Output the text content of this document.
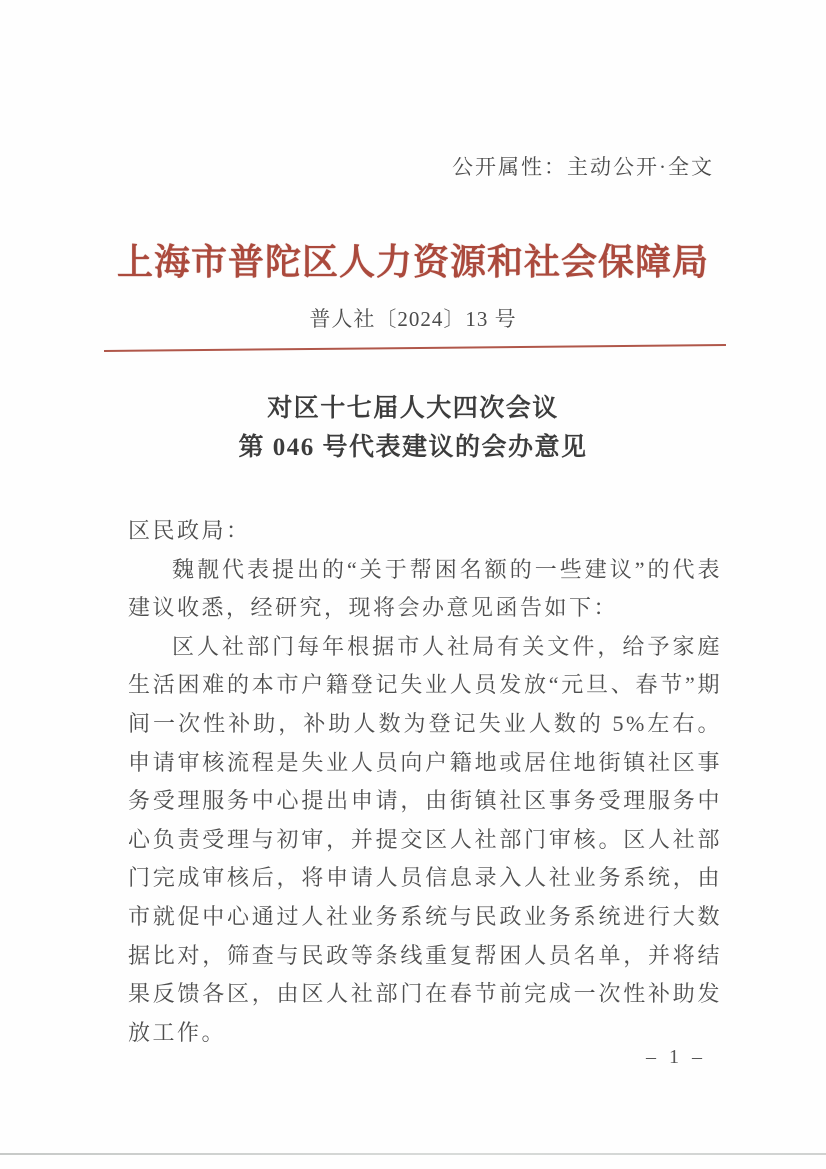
公开属性：主动公开·全文
上海市普陀区人力资源和社会保障局
普人社〔2024〕13 号
对区十七届人大四次会议
第 046 号代表建议的会办意见
区民政局：

魏靓代表提出的“关于帮困名额的一些建议”的代表建议收悉，经研究，现将会办意见函告如下：

区人社部门每年根据市人社局有关文件，给予家庭生活困难的本市户籍登记失业人员发放“元旦、春节”期间一次性补助，补助人数为登记失业人数的 5%左右。申请审核流程是失业人员向户籍地或居住地街镇社区事务受理服务中心提出申请，由街镇社区事务受理服务中心负责受理与初审，并提交区人社部门审核。区人社部门完成审核后，将申请人员信息录入人社业务系统，由市就促中心通过人社业务系统与民政业务系统进行大数据比对，筛查与民政等条线重复帮困人员名单，并将结果反馈各区，由区人社部门在春节前完成一次性补助发放工作。

– 1 –
